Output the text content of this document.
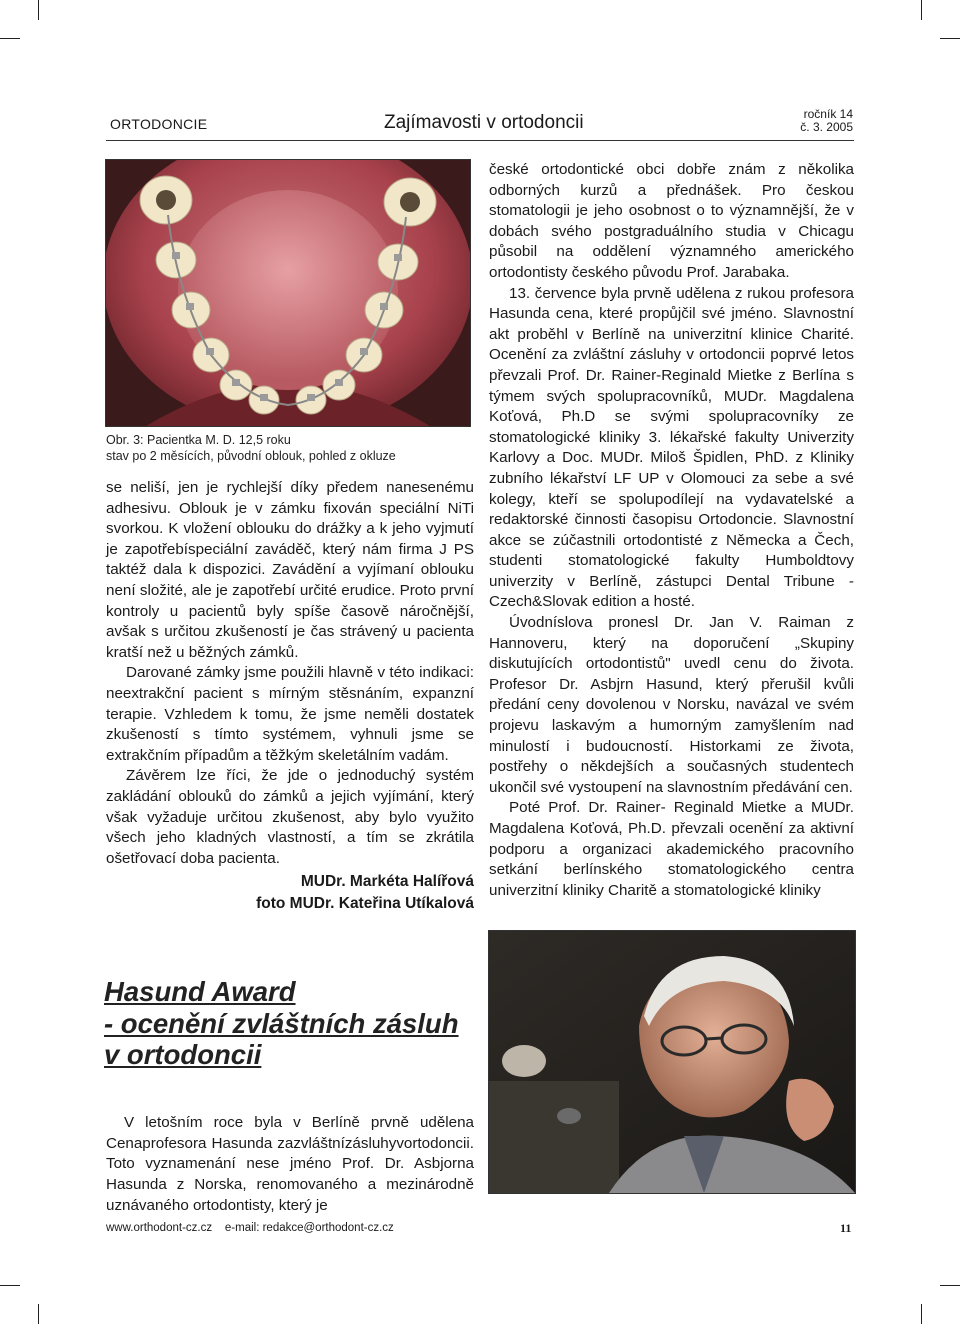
ORTODONCIE	Zajímavosti v ortodoncii	ročník 14
č. 3. 2005
Obr. 3: Pacientka M. D. 12,5 roku
stav po 2 měsících, původní oblouk, pohled z okluze

se neliší, jen je rychlejší díky předem nanesenému adhesivu. Oblouk je v zámku fixován speciální NiTi svorkou. K vložení oblouku do drážky a k jeho vyjmutí je zapotřebíspeciální zaváděč, který nám firma J PS taktéž dala k dispozici. Zavádění a vyjímaní oblouku není složité, ale je zapotřebí určité erudice. Proto první kontroly u pacientů byly spíše časově náročnější, avšak s určitou zkušeností je čas strávený u pacienta kratší než u běžných zámků.

Darované zámky jsme použili hlavně v této indikaci: neextrakční pacient s mírným stěsnáním, expanzní terapie. Vzhledem k tomu, že jsme neměli dostatek zkušeností s tímto systémem, vyhnuli jsme se extrakčním případům a těžkým skeletálním vadám.

Závěrem lze říci, že jde o jednoduchý systém zakládání oblouků do zámků a jejich vyjímání, který však vyžaduje určitou zkušenost, aby bylo využito všech jeho kladných vlastností, a tím se zkrátila ošetřovací doba pacienta.

MUDr. Markéta Halířová
foto MUDr. Kateřina Utíkalová
Hasund Award
- ocenění zvláštních zásluh
v ortodoncii

V letošním roce byla v Berlíně prvně udělena Cenaprofesora Hasunda zazvláštnízásluhyvortodoncii. Toto vyznamenání nese jméno Prof. Dr. Asbjorna Hasunda z Norska, renomovaného a mezinárodně uznávaného ortodontisty, který je

české ortodontické obci dobře znám z několika odborných kurzů a přednášek. Pro českou stomatologii je jeho osobnost o to významnější, že v dobách svého postgraduálního studia v Chicagu působil na oddělení významného amerického ortodontisty českého původu Prof. Jarabaka.

13. července byla prvně udělena z rukou profesora Hasunda cena, které propůjčil své jméno. Slavnostní akt proběhl v Berlíně na univerzitní klinice Charité. Ocenění za zvláštní zásluhy v ortodoncii poprvé letos převzali Prof. Dr. Rainer-Reginald Mietke z Berlína s týmem svých spolupracovníků, MUDr. Magdalena Koťová, Ph.D se svými spolupracovníky ze stomatologické kliniky 3. lékařské fakulty Univerzity Karlovy a Doc. MUDr. Miloš Špidlen, PhD. z Kliniky zubního lékařství LF UP v Olomouci za sebe a své kolegy, kteří se spolupodílejí na vydavatelské a redaktorské činnosti časopisu Ortodoncie. Slavnostní akce se zúčastnili ortodontisté z Německa a Čech, studenti stomatologické fakulty Humboldtovy univerzity v Berlíně, zástupci Dental Tribune - Czech&Slovak edition a hosté.

Úvodnísl‌ova pronesl Dr. Jan V. Raiman z Hannoveru, který na doporučení „Skupiny diskutujících ortodontistů" uvedl cenu do života. Profesor Dr. Asbjrn Hasund, který přerušil kvůli předání ceny dovolenou v Norsku, navázal ve svém projevu laskavým a humorným zamyšlením nad minulostí i budoucností. Historkami ze života, postřehy o někdejších a současných studentech ukončil své vystoupení na slavnostním předávání cen.

Poté Prof. Dr. Rainer- Reginald Mietke a MUDr. Magdalena Koťová, Ph.D. převzali ocenění za aktivní podporu a organizaci akademického pracovního setkání berlínského stomatologického centra univerzitní kliniky Charitě a stomatologické kliniky

www.orthodont-cz.cz e-mail: redakce@orthodont-cz.cz	11
